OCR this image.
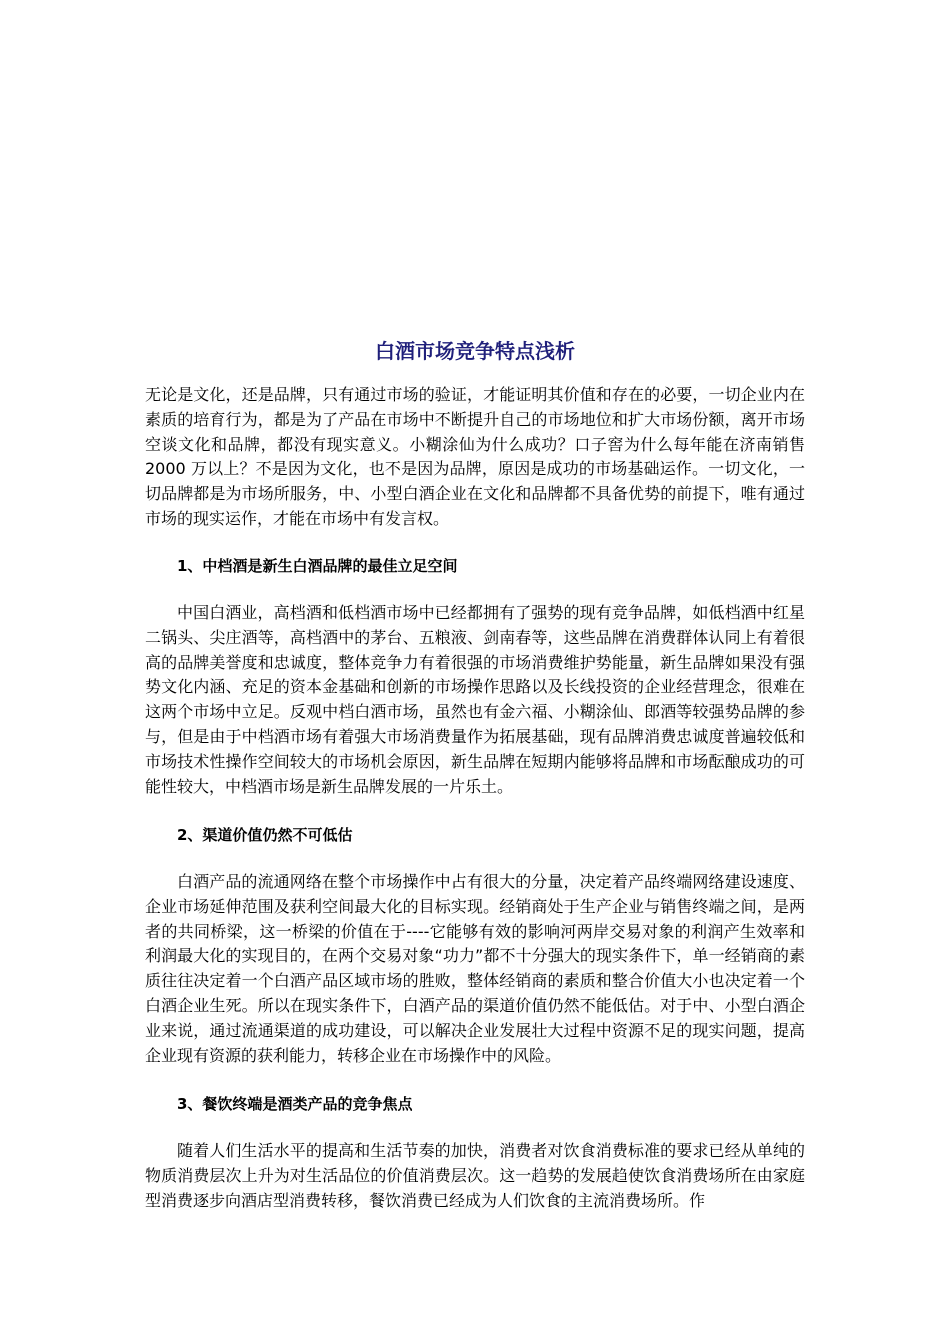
白酒市场竞争特点浅析

无论是文化，还是品牌，只有通过市场的验证，才能证明其价值和存在的必要，一切企业内在素质的培育行为，都是为了产品在市场中不断提升自己的市场地位和扩大市场份额，离开市场空谈文化和品牌，都没有现实意义。小糊涂仙为什么成功？口子窖为什么每年能在济南销售 2000 万以上？不是因为文化，也不是因为品牌，原因是成功的市场基础运作。一切文化，一切品牌都是为市场所服务，中、小型白酒企业在文化和品牌都不具备优势的前提下，唯有通过市场的现实运作，才能在市场中有发言权。

1、中档酒是新生白酒品牌的最佳立足空间

中国白酒业，高档酒和低档酒市场中已经都拥有了强势的现有竞争品牌，如低档酒中红星二锅头、尖庄酒等，高档酒中的茅台、五粮液、剑南春等，这些品牌在消费群体认同上有着很高的品牌美誉度和忠诚度，整体竞争力有着很强的市场消费维护势能量，新生品牌如果没有强势文化内涵、充足的资本金基础和创新的市场操作思路以及长线投资的企业经营理念，很难在这两个市场中立足。反观中档白酒市场，虽然也有金六福、小糊涂仙、郎酒等较强势品牌的参与，但是由于中档酒市场有着强大市场消费量作为拓展基础，现有品牌消费忠诚度普遍较低和市场技术性操作空间较大的市场机会原因，新生品牌在短期内能够将品牌和市场酝酿成功的可能性较大，中档酒市场是新生品牌发展的一片乐土。

2、渠道价值仍然不可低估

白酒产品的流通网络在整个市场操作中占有很大的分量，决定着产品终端网络建设速度、企业市场延伸范围及获利空间最大化的目标实现。经销商处于生产企业与销售终端之间，是两者的共同桥梁，这一桥梁的价值在于----它能够有效的影响河两岸交易对象的利润产生效率和利润最大化的实现目的，在两个交易对象“功力”都不十分强大的现实条件下，单一经销商的素质往往决定着一个白酒产品区域市场的胜败，整体经销商的素质和整合价值大小也决定着一个白酒企业生死。所以在现实条件下，白酒产品的渠道价值仍然不能低估。对于中、小型白酒企业来说，通过流通渠道的成功建设，可以解决企业发展壮大过程中资源不足的现实问题，提高企业现有资源的获利能力，转移企业在市场操作中的风险。

3、餐饮终端是酒类产品的竞争焦点

随着人们生活水平的提高和生活节奏的加快，消费者对饮食消费标准的要求已经从单纯的物质消费层次上升为对生活品位的价值消费层次。这一趋势的发展趋使饮食消费场所在由家庭型消费逐步向酒店型消费转移，餐饮消费已经成为人们饮食的主流消费场所。作
